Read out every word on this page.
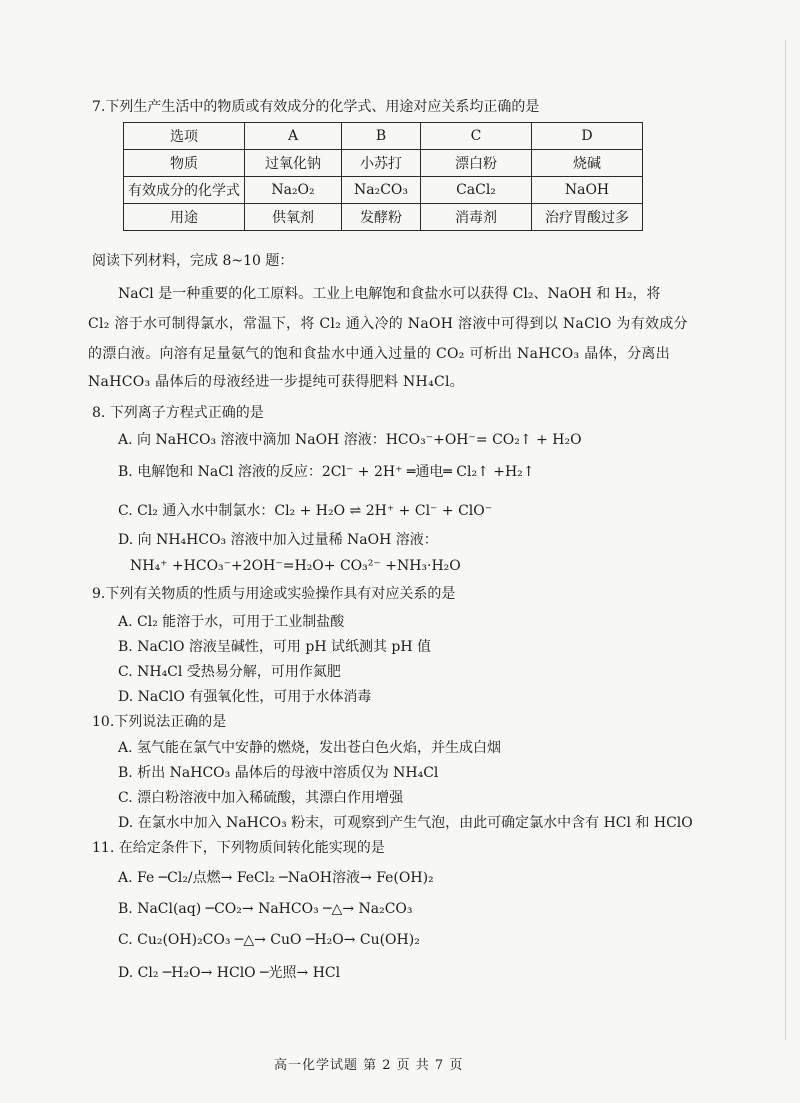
7.下列生产生活中的物质或有效成分的化学式、用途对应关系均正确的是
选项	A	B	C	D
物质	过氧化钠	小苏打	漂白粉	烧碱
有效成分的化学式	Na₂O₂	Na₂CO₃	CaCl₂	NaOH
用途	供氧剂	发酵粉	消毒剂	治疗胃酸过多
阅读下列材料，完成 8~10 题：
NaCl 是一种重要的化工原料。工业上电解饱和食盐水可以获得 Cl₂、NaOH 和 H₂，将
Cl₂ 溶于水可制得氯水，常温下，将 Cl₂ 通入冷的 NaOH 溶液中可得到以 NaClO 为有效成分
的漂白液。向溶有足量氨气的饱和食盐水中通入过量的 CO₂ 可析出 NaHCO₃ 晶体，分离出
NaHCO₃ 晶体后的母液经进一步提纯可获得肥料 NH₄Cl。
8. 下列离子方程式正确的是
A. 向 NaHCO₃ 溶液中滴加 NaOH 溶液：HCO₃⁻+OH⁻= CO₂↑ + H₂O
B. 电解饱和 NaCl 溶液的反应：2Cl⁻ + 2H⁺ ═通电═ Cl₂↑ +H₂↑
C. Cl₂ 通入水中制氯水：Cl₂ + H₂O ⇌ 2H⁺ + Cl⁻ + ClO⁻
D. 向 NH₄HCO₃ 溶液中加入过量稀 NaOH 溶液：
NH₄⁺ +HCO₃⁻+2OH⁻=H₂O+ CO₃²⁻ +NH₃·H₂O
9.下列有关物质的性质与用途或实验操作具有对应关系的是
A. Cl₂ 能溶于水，可用于工业制盐酸
B. NaClO 溶液呈碱性，可用 pH 试纸测其 pH 值
C. NH₄Cl 受热易分解，可用作氮肥
D. NaClO 有强氧化性，可用于水体消毒
10.下列说法正确的是
A. 氢气能在氯气中安静的燃烧，发出苍白色火焰，并生成白烟
B. 析出 NaHCO₃ 晶体后的母液中溶质仅为 NH₄Cl
C. 漂白粉溶液中加入稀硫酸，其漂白作用增强
D. 在氯水中加入 NaHCO₃ 粉末，可观察到产生气泡，由此可确定氯水中含有 HCl 和 HClO
11. 在给定条件下，下列物质间转化能实现的是
A. Fe ─Cl₂/点燃→ FeCl₂ ─NaOH溶液→ Fe(OH)₂
B. NaCl(aq) ─CO₂→ NaHCO₃ ─△→ Na₂CO₃
C. Cu₂(OH)₂CO₃ ─△→ CuO ─H₂O→ Cu(OH)₂
D. Cl₂ ─H₂O→ HClO ─光照→ HCl
高一化学试题 第 2 页 共 7 页
